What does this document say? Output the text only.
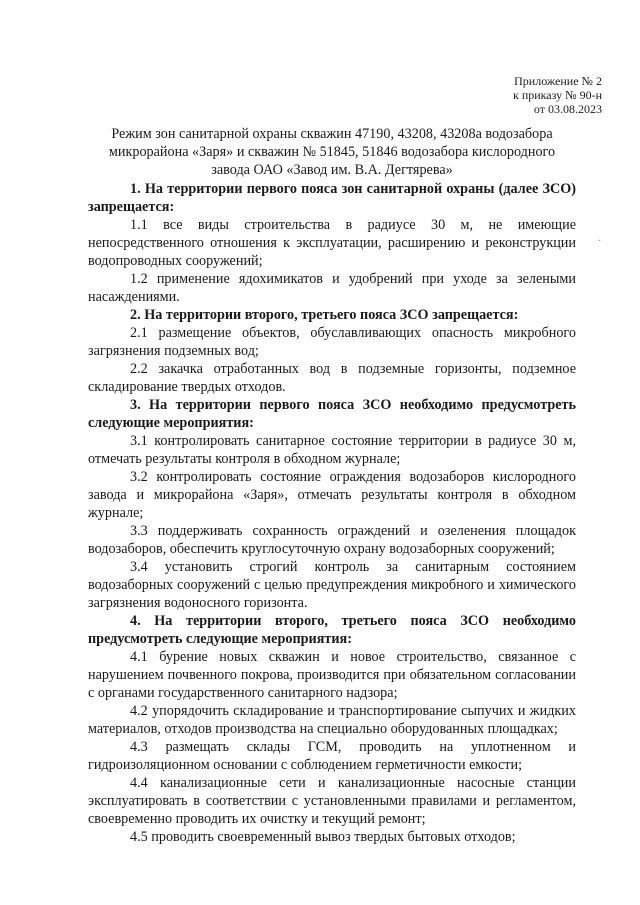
Приложение № 2
к приказу № 90-н
от 03.08.2023
·
Режим зон санитарной охраны скважин 47190, 43208, 43208а водозабора микрорайона «Заря» и скважин № 51845, 51846 водозабора кислородного завода ОАО «Завод им. В.А. Дегтярева»

1. На территории первого пояса зон санитарной охраны (далее ЗСО) запрещается:

1.1 все виды строительства в радиусе 30 м, не имеющие непосредственного отношения к эксплуатации, расширению и реконструкции водопроводных сооружений;

1.2 применение ядохимикатов и удобрений при уходе за зелеными насаждениями.

2. На территории второго, третьего пояса ЗСО запрещается:

2.1 размещение объектов, обуславливающих опасность микробного загрязнения подземных вод;

2.2 закачка отработанных вод в подземные горизонты, подземное складирование твердых отходов.

3. На территории первого пояса ЗСО необходимо предусмотреть следующие мероприятия:

3.1 контролировать санитарное состояние территории в радиусе 30 м, отмечать результаты контроля в обходном журнале;

3.2 контролировать состояние ограждения водозаборов кислородного завода и микрорайона «Заря», отмечать результаты контроля в обходном журнале;

3.3 поддерживать сохранность ограждений и озеленения площадок водозаборов, обеспечить круглосуточную охрану водозаборных сооружений;

3.4 установить строгий контроль за санитарным состоянием водозаборных сооружений с целью предупреждения микробного и химического загрязнения водоносного горизонта.

4. На территории второго, третьего пояса ЗСО необходимо предусмотреть следующие мероприятия:

4.1 бурение новых скважин и новое строительство, связанное с нарушением почвенного покрова, производится при обязательном согласовании с органами государственного санитарного надзора;

4.2 упорядочить складирование и транспортирование сыпучих и жидких материалов, отходов производства на специально оборудованных площадках;

4.3 размещать склады ГСМ, проводить на уплотненном и гидроизоляционном основании с соблюдением герметичности емкости;

4.4 канализационные сети и канализационные насосные станции эксплуатировать в соответствии с установленными правилами и регламентом, своевременно проводить их очистку и текущий ремонт;

4.5 проводить своевременный вывоз твердых бытовых отходов;
